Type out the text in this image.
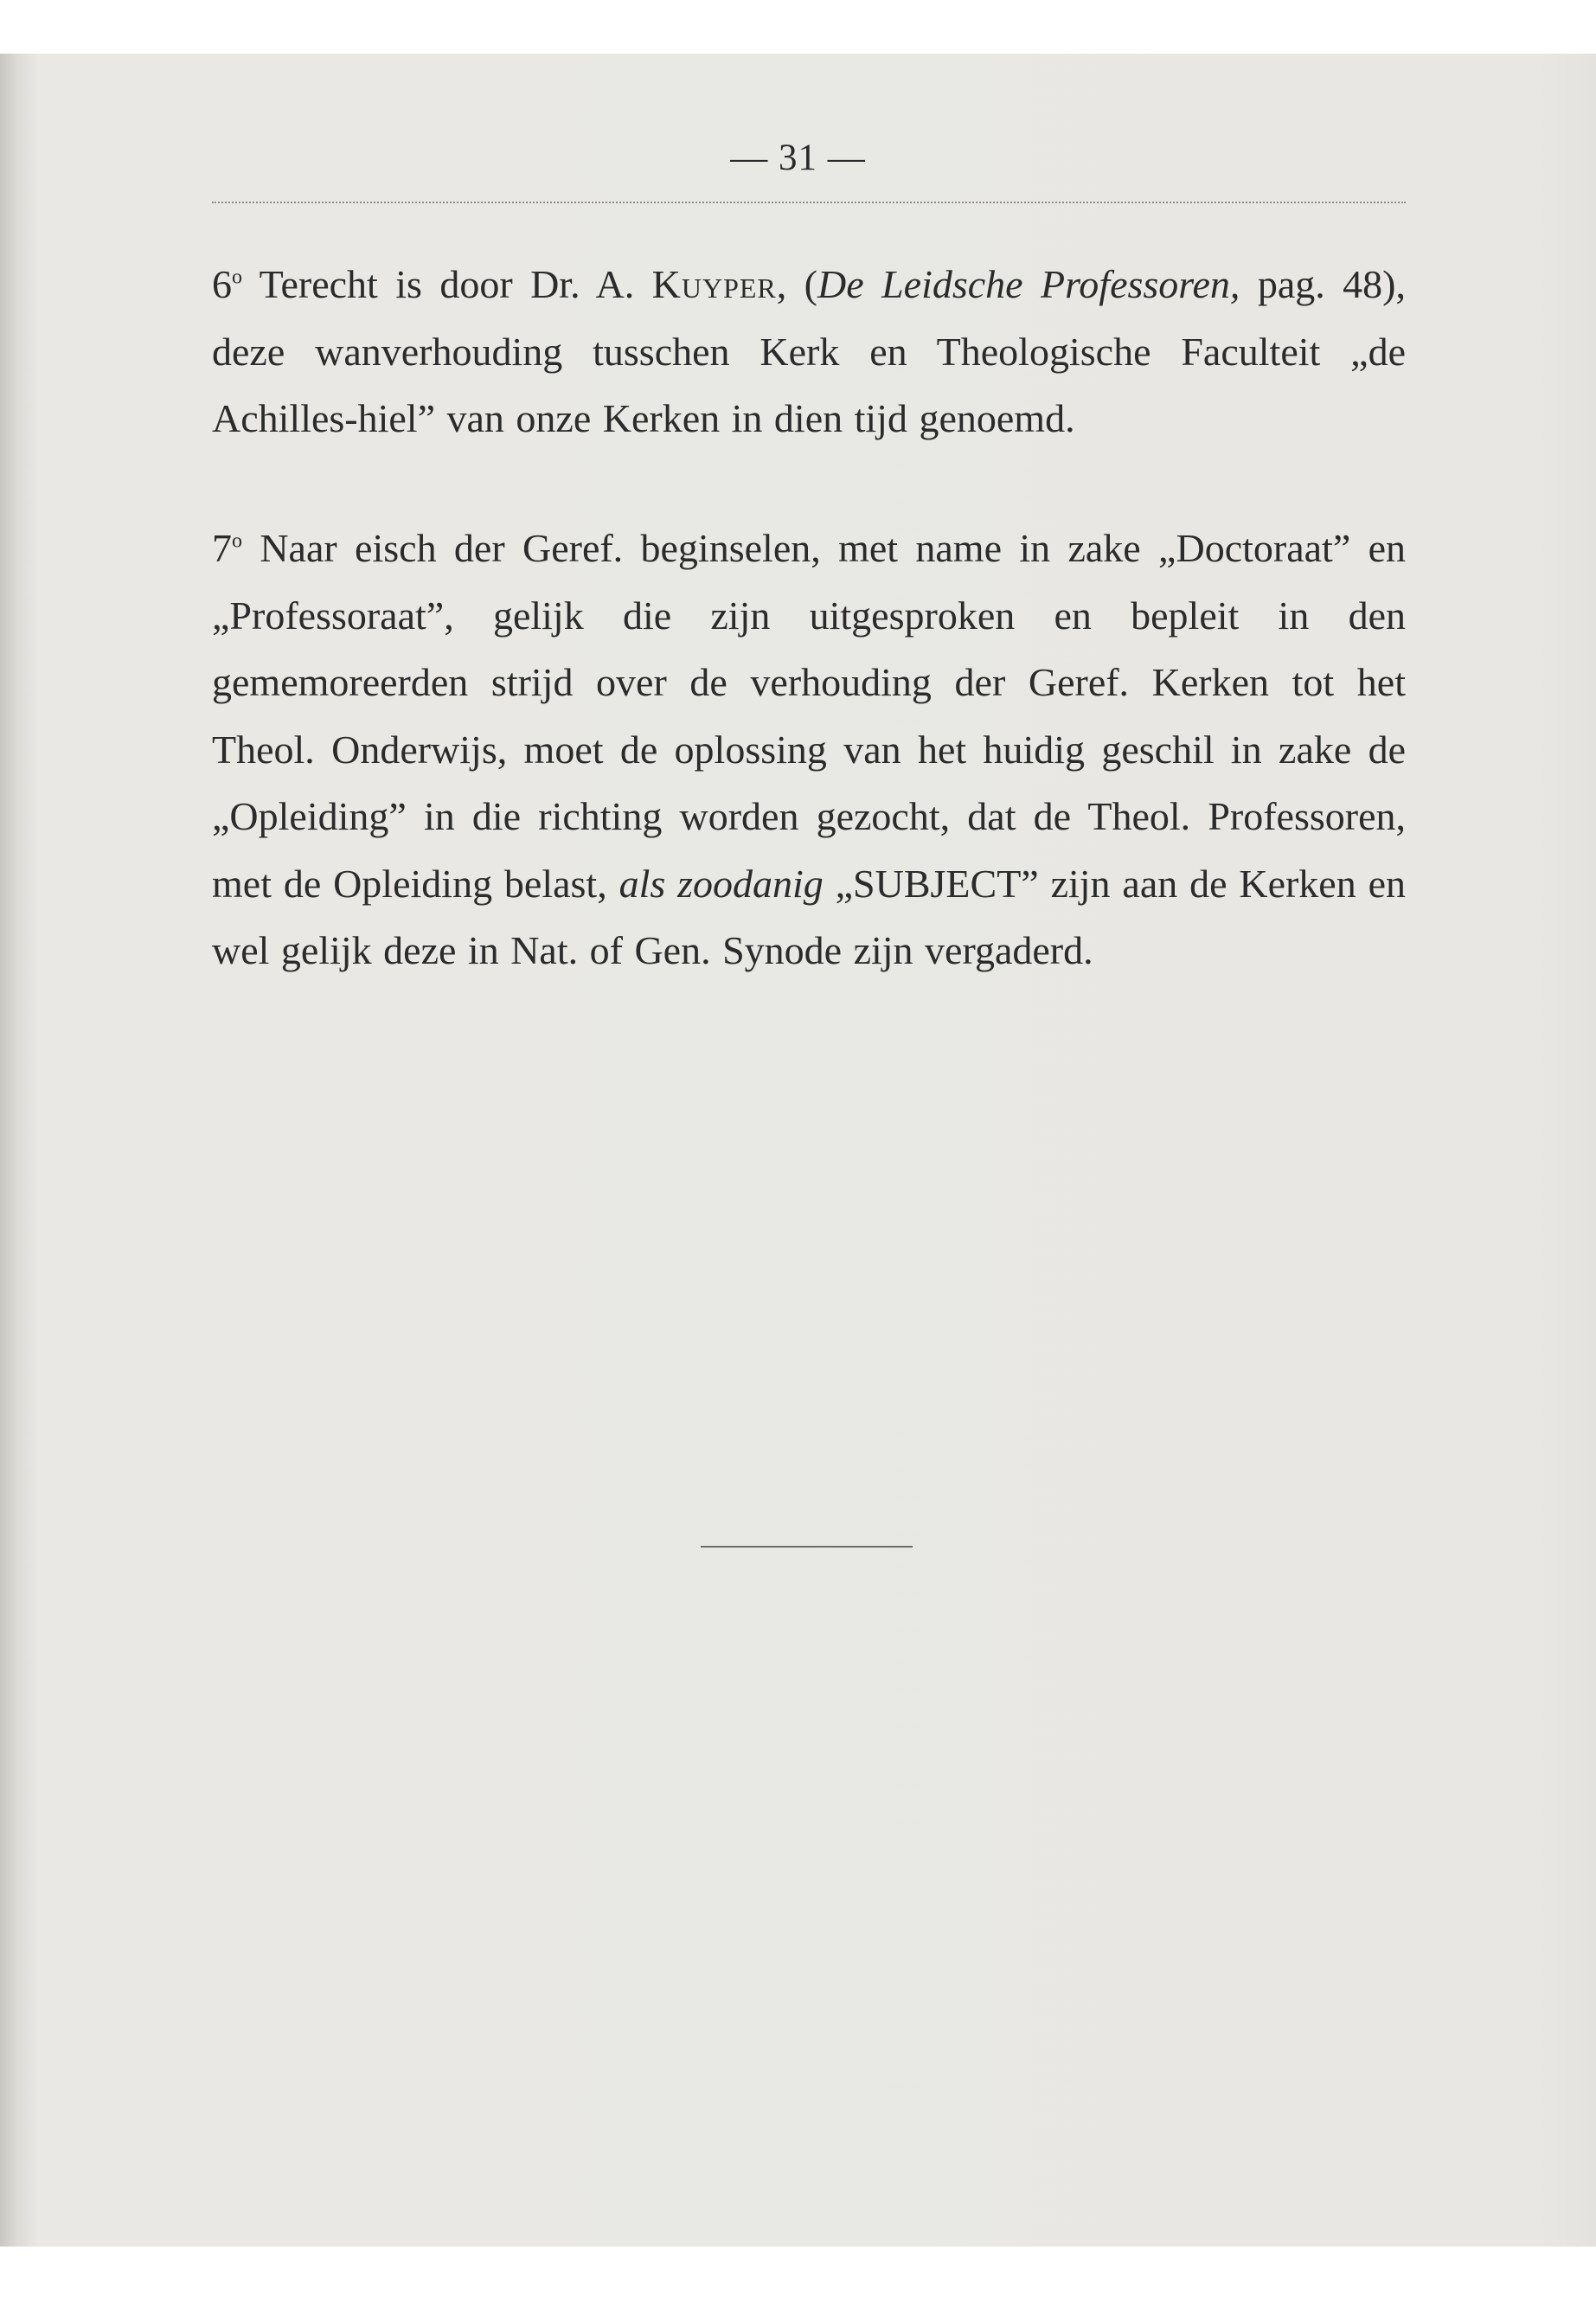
— 31 —

6$^o$ Terecht is door Dr. A. Kuyper, (De Leidsche Professoren, pag. 48), deze wanverhouding tusschen Kerk en Theologische Faculteit „de Achilles-hiel” van onze Kerken in dien tijd genoemd.

7$^o$ Naar eisch der Geref. beginselen, met name in zake „Doctoraat” en „Professoraat”, gelijk die zijn uitgesproken en bepleit in den gememoreerden strijd over de verhouding der Geref. Kerken tot het Theol. Onderwijs, moet de oplossing van het huidig geschil in zake de „Opleiding” in die richting worden gezocht, dat de Theol. Professoren, met de Opleiding belast, als zoodanig „SUBJECT” zijn aan de Kerken en wel gelijk deze in Nat. of Gen. Synode zijn vergaderd.
